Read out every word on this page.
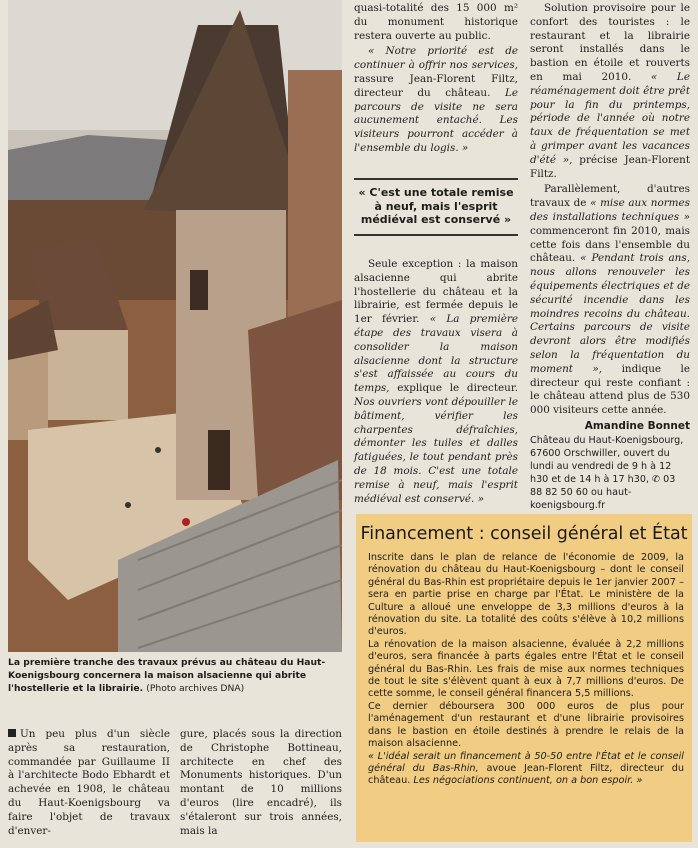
La première tranche des travaux prévus au château du Haut-Koenigsbourg concernera la maison alsacienne qui abrite l'hostellerie et la librairie. (Photo archives DNA)

Un peu plus d'un siècle après sa restauration, commandée par Guillaume II à l'architecte Bodo Ebhardt et achevée en 1908, le château du Haut-Koenigsbourg va faire l'objet de travaux d'enver-

gure, placés sous la direction de Christophe Bottineau, architecte en chef des Monuments historiques. D'un montant de 10 millions d'euros (lire encadré), ils s'étaleront sur trois années, mais la

quasi-totalité des 15 000 m² du monument historique restera ouverte au public.

« Notre priorité est de continuer à offrir nos services, rassure Jean-Florent Filtz, directeur du château. Le parcours de visite ne sera aucunement entaché. Les visiteurs pourront accéder à l'ensemble du logis. »

« C'est une totale remise à neuf, mais l'esprit médiéval est conservé »

Seule exception : la maison alsacienne qui abrite l'hostellerie du château et la librairie, est fermée depuis le 1er février. « La première étape des travaux visera à consolider la maison alsacienne dont la structure s'est affaissée au cours du temps, explique le directeur. Nos ouvriers vont dépouiller le bâtiment, vérifier les charpentes défraîchies, démonter les tuiles et dalles fatiguées, le tout pendant près de 18 mois. C'est une totale remise à neuf, mais l'esprit médiéval est conservé. »

Solution provisoire pour le confort des touristes : le restaurant et la librairie seront installés dans le bastion en étoile et rouverts en mai 2010. « Le réaménagement doit être prêt pour la fin du printemps, période de l'année où notre taux de fréquentation se met à grimper avant les vacances d'été », précise Jean-Florent Filtz.

Parallèlement, d'autres travaux de « mise aux normes des installations techniques » commenceront fin 2010, mais cette fois dans l'ensemble du château. « Pendant trois ans, nous allons renouveler les équipements électriques et de sécurité incendie dans les moindres recoins du château. Certains parcours de visite devront alors être modifiés selon la fréquentation du moment », indique le directeur qui reste confiant : le château attend plus de 530 000 visiteurs cette année.

Amandine Bonnet
Château du Haut-Koenigsbourg, 67600 Orschwiller, ouvert du lundi au vendredi de 9 h à 12 h30 et de 14 h à 17 h30, ✆ 03 88 82 50 60 ou haut-koenigsbourg.fr
Financement : conseil général et État

Inscrite dans le plan de relance de l'économie de 2009, la rénovation du château du Haut-Koenigsbourg – dont le conseil général du Bas-Rhin est propriétaire depuis le 1er janvier 2007 – sera en partie prise en charge par l'État. Le ministère de la Culture a alloué une enveloppe de 3,3 millions d'euros à la rénovation du site. La totalité des coûts s'élève à 10,2 millions d'euros.

La rénovation de la maison alsacienne, évaluée à 2,2 millions d'euros, sera financée à parts égales entre l'État et le conseil général du Bas-Rhin. Les frais de mise aux normes techniques de tout le site s'élèvent quant à eux à 7,7 millions d'euros. De cette somme, le conseil général financera 5,5 millions.

Ce dernier déboursera 300 000 euros de plus pour l'aménagement d'un restaurant et d'une librairie provisoires dans le bastion en étoile destinés à prendre le relais de la maison alsacienne.

« L'idéal serait un financement à 50-50 entre l'État et le conseil général du Bas-Rhin, avoue Jean-Florent Filtz, directeur du château. Les négociations continuent, on a bon espoir. »
